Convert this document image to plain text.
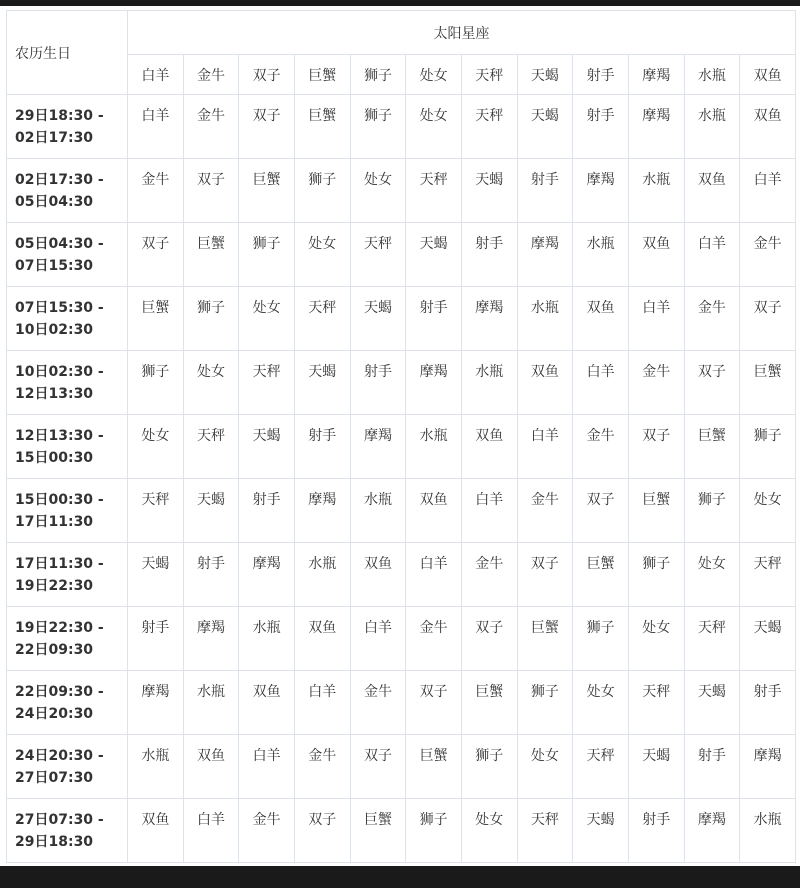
农历生日	太阳星座											
	白羊	金牛	双子	巨蟹	狮子	处女	天秤	天蝎	射手	摩羯	水瓶	双鱼

29日18:30 -
02日17:30	白羊	金牛	双子	巨蟹	狮子	处女	天秤	天蝎	射手	摩羯	水瓶	双鱼

02日17:30 -
05日04:30	金牛	双子	巨蟹	狮子	处女	天秤	天蝎	射手	摩羯	水瓶	双鱼	白羊

05日04:30 -
07日15:30	双子	巨蟹	狮子	处女	天秤	天蝎	射手	摩羯	水瓶	双鱼	白羊	金牛

07日15:30 -
10日02:30	巨蟹	狮子	处女	天秤	天蝎	射手	摩羯	水瓶	双鱼	白羊	金牛	双子

10日02:30 -
12日13:30	狮子	处女	天秤	天蝎	射手	摩羯	水瓶	双鱼	白羊	金牛	双子	巨蟹

12日13:30 -
15日00:30	处女	天秤	天蝎	射手	摩羯	水瓶	双鱼	白羊	金牛	双子	巨蟹	狮子

15日00:30 -
17日11:30	天秤	天蝎	射手	摩羯	水瓶	双鱼	白羊	金牛	双子	巨蟹	狮子	处女

17日11:30 -
19日22:30	天蝎	射手	摩羯	水瓶	双鱼	白羊	金牛	双子	巨蟹	狮子	处女	天秤

19日22:30 -
22日09:30	射手	摩羯	水瓶	双鱼	白羊	金牛	双子	巨蟹	狮子	处女	天秤	天蝎

22日09:30 -
24日20:30	摩羯	水瓶	双鱼	白羊	金牛	双子	巨蟹	狮子	处女	天秤	天蝎	射手

24日20:30 -
27日07:30	水瓶	双鱼	白羊	金牛	双子	巨蟹	狮子	处女	天秤	天蝎	射手	摩羯

27日07:30 -
29日18:30	双鱼	白羊	金牛	双子	巨蟹	狮子	处女	天秤	天蝎	射手	摩羯	水瓶
